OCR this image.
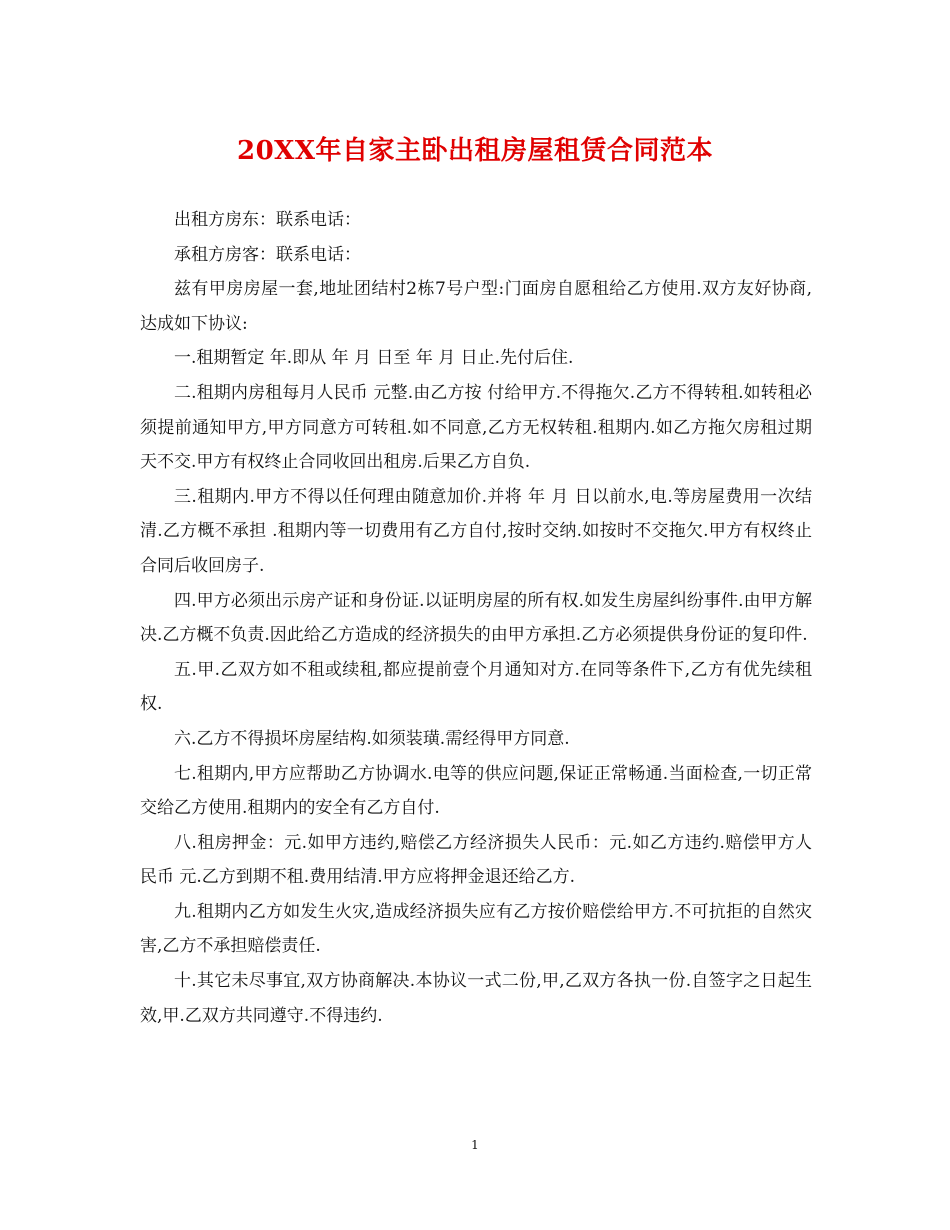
20XX年自家主卧出租房屋租赁合同范本

出租方房东：联系电话：

承租方房客：联系电话：

兹有甲房房屋一套,地址团结村2栋7号户型:门面房自愿租给乙方使用.双方友好协商,达成如下协议:

一.租期暂定 年.即从 年 月 日至 年 月 日止.先付后住.

二.租期内房租每月人民币 元整.由乙方按 付给甲方.不得拖欠.乙方不得转租.如转租必须提前通知甲方,甲方同意方可转租.如不同意,乙方无权转租.租期内.如乙方拖欠房租过期天不交.甲方有权终止合同收回出租房.后果乙方自负.

三.租期内.甲方不得以任何理由随意加价.并将 年 月 日以前水,电.等房屋费用一次结清.乙方概不承担 .租期内等一切费用有乙方自付,按时交纳.如按时不交拖欠.甲方有权终止合同后收回房子.

四.甲方必须出示房产证和身份证.以证明房屋的所有权.如发生房屋纠纷事件.由甲方解决.乙方概不负责.因此给乙方造成的经济损失的由甲方承担.乙方必须提供身份证的复印件.

五.甲.乙双方如不租或续租,都应提前壹个月通知对方.在同等条件下,乙方有优先续租权.

六.乙方不得损坏房屋结构.如须装璜.需经得甲方同意.

七.租期内,甲方应帮助乙方协调水.电等的供应问题,保证正常畅通.当面检查,一切正常交给乙方使用.租期内的安全有乙方自付.

八.租房押金：元.如甲方违约,赔偿乙方经济损失人民币：元.如乙方违约.赔偿甲方人民币 元.乙方到期不租.费用结清.甲方应将押金退还给乙方.

九.租期内乙方如发生火灾,造成经济损失应有乙方按价赔偿给甲方.不可抗拒的自然灾害,乙方不承担赔偿责任.

十.其它未尽事宜,双方协商解决.本协议一式二份,甲,乙双方各执一份.自签字之日起生效,甲.乙双方共同遵守.不得违约.

1
